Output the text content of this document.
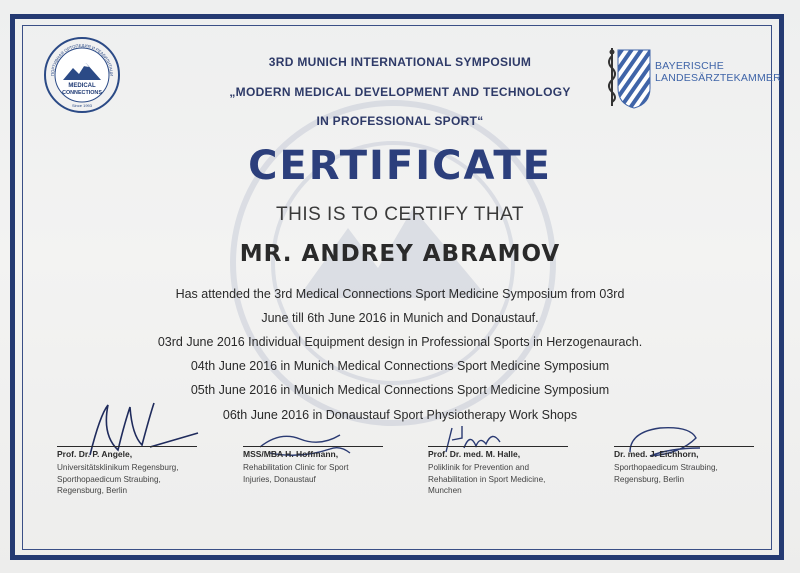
ПОРТИВНАЯ ОРТОПЕДИЯ И РЕАБИЛИТАЦИ
MEDICAL
CONNECTIONS
Since 1993
BAYERISCHE
LANDESÄRZTEKAMMER
3RD MUNICH INTERNATIONAL SYMPOSIUM
„MODERN MEDICAL DEVELOPMENT AND TECHNOLOGY
IN PROFESSIONAL SPORT“
CERTIFICATE
THIS IS TO CERTIFY THAT
MR. ANDREY ABRAMOV
Has attended the 3rd Medical Connections Sport Medicine Symposium from 03rd
June till 6th June 2016 in Munich and Donaustauf.
03rd June 2016 Individual Equipment design in Professional Sports in Herzogenaurach.
04th June 2016 in Munich Medical Connections Sport Medicine Symposium
05th June 2016 in Munich Medical Connections Sport Medicine Symposium
06th June 2016 in Donaustauf Sport Physiotherapy Work Shops
Prof. Dr. P. Angele,
Universitätsklinikum Regensburg,
Sporthopaedicum Straubing,
Regensburg, Berlin
MSS/MBA H. Hoffmann,
Rehabilitation Clinic for Sport
Injuries, Donaustauf
Prof. Dr. med. M. Halle,
Poliklinik for Prevention and
Rehabilitation in Sport Medicine,
Munchen
Dr. med. J. Eichhorn,
Sporthopaedicum Straubing,
Regensburg, Berlin
